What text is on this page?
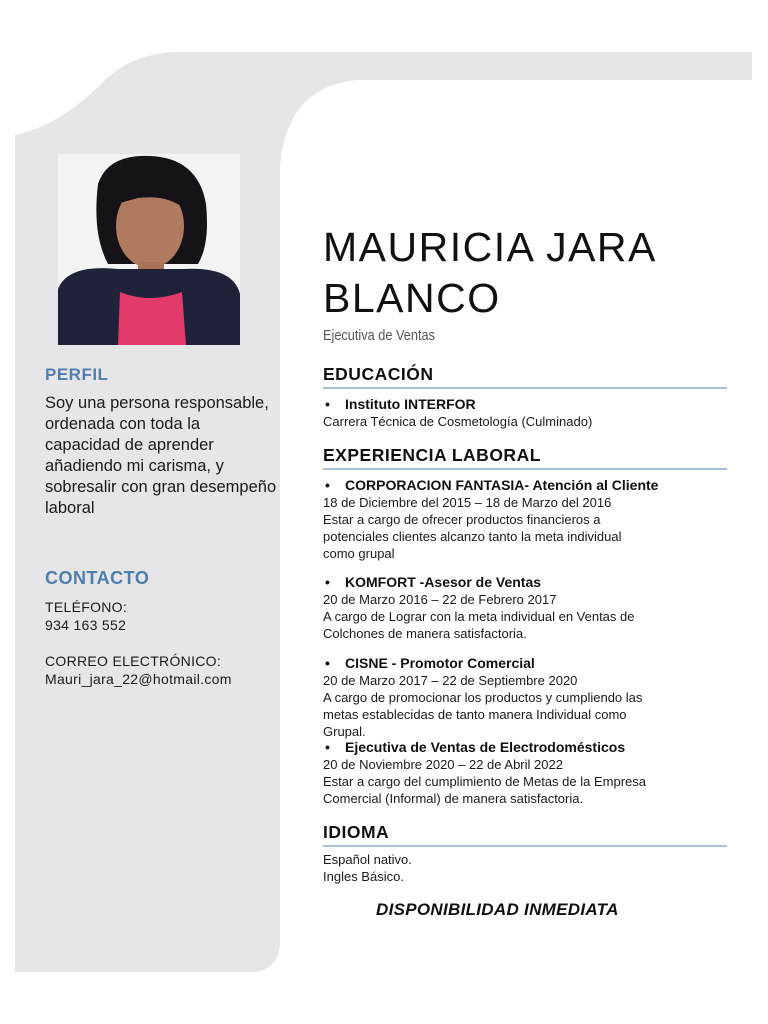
PERFIL
Soy una persona responsable, ordenada con toda la capacidad de aprender añadiendo mi carisma, y sobresalir con gran desempeño laboral
CONTACTO
TELÉFONO:
934 163 552
CORREO ELECTRÓNICO:
Mauri_jara_22@hotmail.com
MAURICIA JARA BLANCO
Ejecutiva de Ventas
EDUCACIÓN
• Instituto INTERFOR
Carrera Técnica de Cosmetología (Culminado)
EXPERIENCIA LABORAL
• CORPORACION FANTASIA- Atención al Cliente
18 de Diciembre del 2015 – 18 de Marzo del 2016
Estar a cargo de ofrecer productos financieros a
potenciales clientes alcanzo tanto la meta individual
como grupal
• KOMFORT -Asesor de Ventas
20 de Marzo 2016 – 22 de Febrero 2017
A cargo de Lograr con la meta individual en Ventas de
Colchones de manera satisfactoria.
• CISNE - Promotor Comercial
20 de Marzo 2017 – 22 de Septiembre 2020
A cargo de promocionar los productos y cumpliendo las
metas establecidas de tanto manera Individual como
Grupal.
• Ejecutiva de Ventas de Electrodomésticos
20 de Noviembre 2020 – 22 de Abril 2022
Estar a cargo del cumplimiento de Metas de la Empresa
Comercial (Informal) de manera satisfactoria.
IDIOMA
Español nativo.
Ingles Básico.
DISPONIBILIDAD INMEDIATA
